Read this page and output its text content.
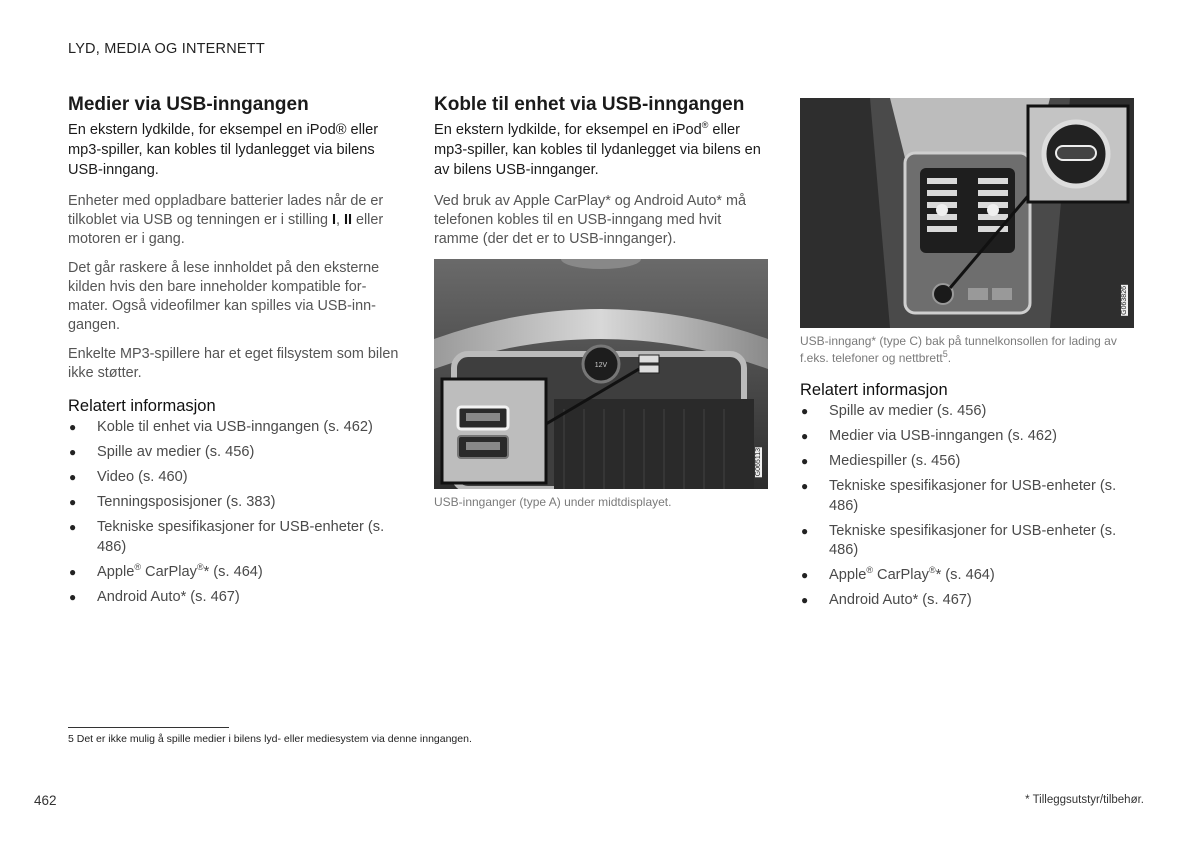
LYD, MEDIA OG INTERNETT
Medier via USB-inngangen

En ekstern lydkilde, for eksempel en iPod® eller mp3-spiller, kan kobles til lydanlegget via bilens USB-inngang.

Enheter med oppladbare batterier lades når de er tilkoblet via USB og tenningen er i stilling I, II eller motoren er i gang.

Det går raskere å lese innholdet på den eksterne kilden hvis den bare inneholder kompatible for-mater. Også videofilmer kan spilles via USB-inn-gangen.

Enkelte MP3-spillere har et eget filsystem som bilen ikke støtter.

Relatert informasjon
● Koble til enhet via USB-inngangen (s. 462)
● Spille av medier (s. 456)
● Video (s. 460)
● Tenningsposisjoner (s. 383)
● Tekniske spesifikasjoner for USB-enheter (s. 486)
● Apple® CarPlay®* (s. 464)
● Android Auto* (s. 467)
Koble til enhet via USB-inngangen

En ekstern lydkilde, for eksempel en iPod® eller mp3-spiller, kan kobles til lydanlegget via bilens en av bilens USB-innganger.

Ved bruk av Apple CarPlay* og Android Auto* må telefonen kobles til en USB-inngang med hvit ramme (der det er to USB-innganger).

12V
G065113
USB-innganger (type A) under midtdisplayet.
G063826
USB-inngang* (type C) bak på tunnelkonsollen for lading av f.eks. telefoner og nettbrett$^5$.
Relatert informasjon
● Spille av medier (s. 456)
● Medier via USB-inngangen (s. 462)
● Mediespiller (s. 456)
● Tekniske spesifikasjoner for USB-enheter (s. 486)
● Tekniske spesifikasjoner for USB-enheter (s. 486)
● Apple® CarPlay®* (s. 464)
● Android Auto* (s. 467)
5 Det er ikke mulig å spille medier i bilens lyd- eller mediesystem via denne inngangen.
462	* Tilleggsutstyr/tilbehør.
